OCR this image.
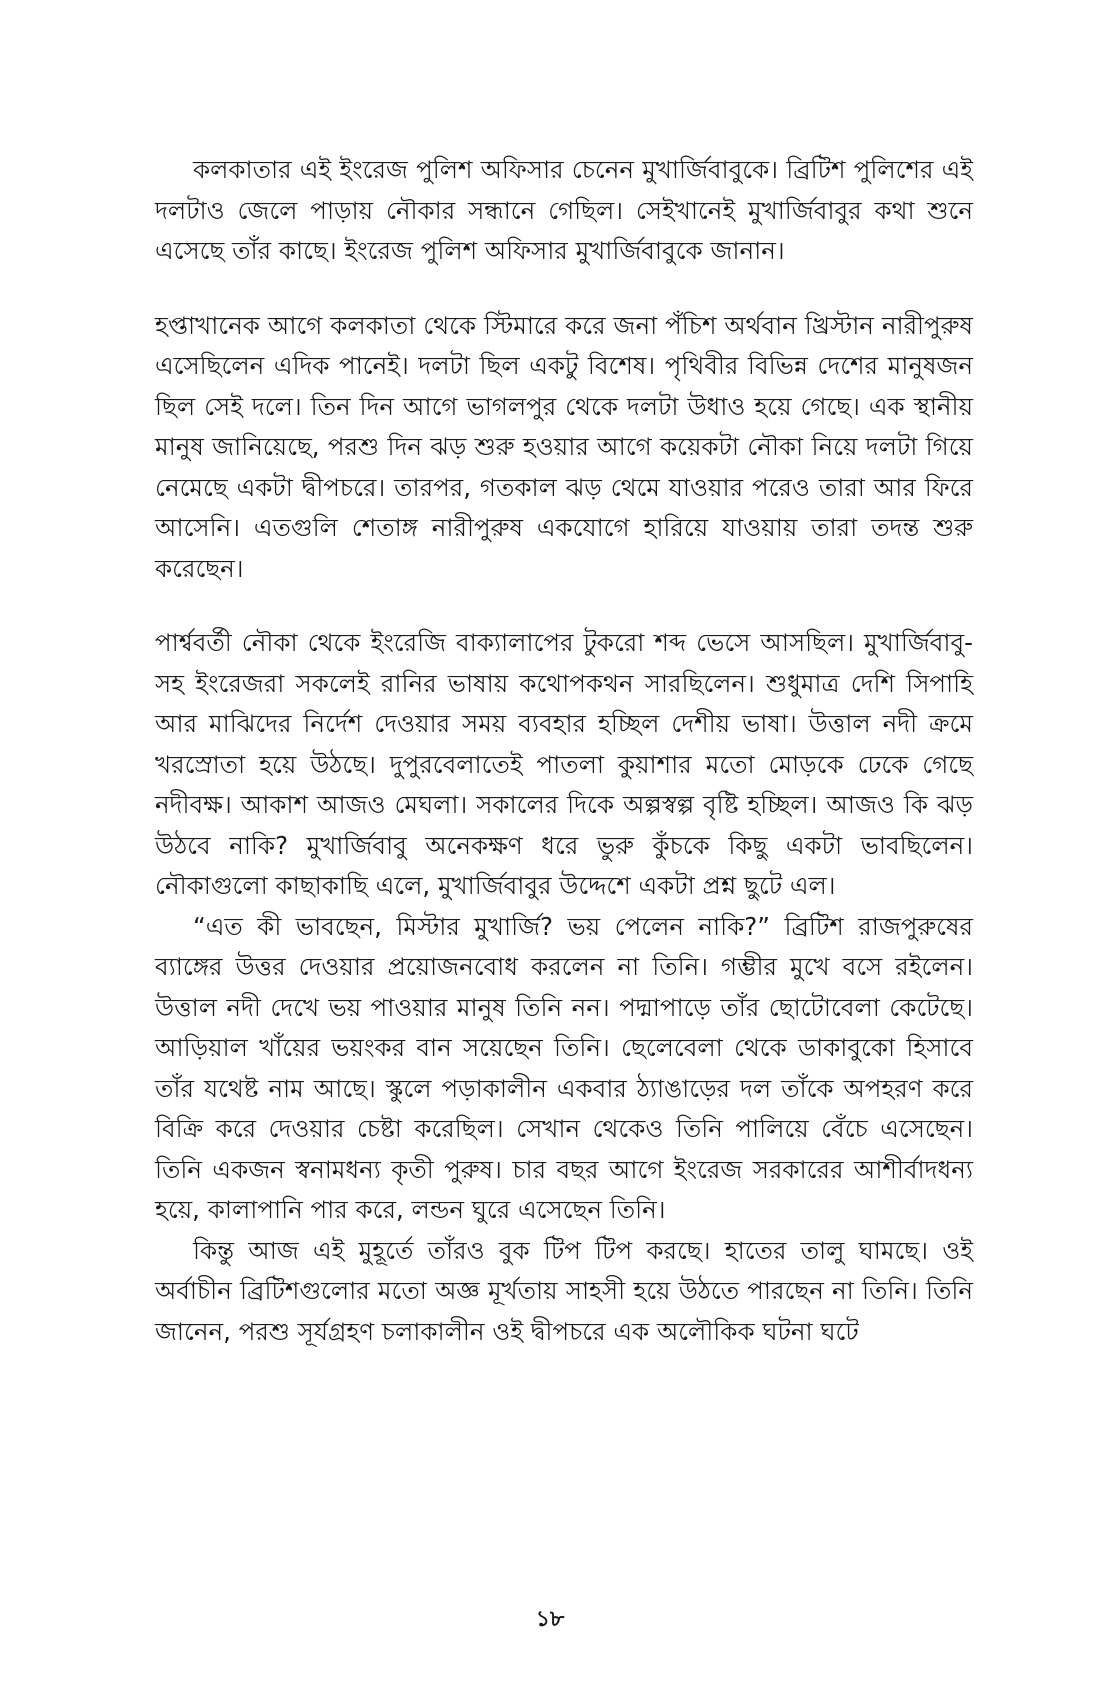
কলকাতার এই ইংরেজ পুলিশ অফিসার চেনেন মুখার্জিবাবুকে। ব্রিটিশ পুলিশের এই দলটাও জেলে পাড়ায় নৌকার সন্ধানে গেছিল। সেইখানেই মুখার্জিবাবুর কথা শুনে এসেছে তাঁর কাছে। ইংরেজ পুলিশ অফিসার মুখার্জিবাবুকে জানান।

হপ্তাখানেক আগে কলকাতা থেকে স্টিমারে করে জনা পঁচিশ অর্থবান খ্রিস্টান নারীপুরুষ এসেছিলেন এদিক পানেই। দলটা ছিল একটু বিশেষ। পৃথিবীর বিভিন্ন দেশের মানুষজন ছিল সেই দলে। তিন দিন আগে ভাগলপুর থেকে দলটা উধাও হয়ে গেছে। এক স্থানীয় মানুষ জানিয়েছে, পরশু দিন ঝড় শুরু হওয়ার আগে কয়েকটা নৌকা নিয়ে দলটা গিয়ে নেমেছে একটা দ্বীপচরে। তারপর, গতকাল ঝড় থেমে যাওয়ার পরেও তারা আর ফিরে আসেনি। এতগুলি শেতাঙ্গ নারীপুরুষ একযোগে হারিয়ে যাওয়ায় তারা তদন্ত শুরু করেছেন।

পার্শ্ববর্তী নৌকা থেকে ইংরেজি বাক্যালাপের টুকরো শব্দ ভেসে আসছিল। মুখার্জিবাবু-সহ ইংরেজরা সকলেই রানির ভাষায় কথোপকথন সারছিলেন। শুধুমাত্র দেশি সিপাহি আর মাঝিদের নির্দেশ দেওয়ার সময় ব্যবহার হচ্ছিল দেশীয় ভাষা। উত্তাল নদী ক্রমে খরস্রোতা হয়ে উঠছে। দুপুরবেলাতেই পাতলা কুয়াশার মতো মোড়কে ঢেকে গেছে নদীবক্ষ। আকাশ আজও মেঘলা। সকালের দিকে অল্পস্বল্প বৃষ্টি হচ্ছিল। আজও কি ঝড় উঠবে নাকি? মুখার্জিবাবু অনেকক্ষণ ধরে ভুরু কুঁচকে কিছু একটা ভাবছিলেন। নৌকাগুলো কাছাকাছি এলে, মুখার্জিবাবুর উদ্দেশে একটা প্রশ্ন ছুটে এল।

“এত কী ভাবছেন, মিস্টার মুখার্জি? ভয় পেলেন নাকি?” ব্রিটিশ রাজপুরুষের ব্যাঙ্গের উত্তর দেওয়ার প্রয়োজনবোধ করলেন না তিনি। গম্ভীর মুখে বসে রইলেন। উত্তাল নদী দেখে ভয় পাওয়ার মানুষ তিনি নন। পদ্মাপাড়ে তাঁর ছোটোবেলা কেটেছে। আড়িয়াল খাঁয়ের ভয়ংকর বান সয়েছেন তিনি। ছেলেবেলা থেকে ডাকাবুকো হিসাবে তাঁর যথেষ্ট নাম আছে। স্কুলে পড়াকালীন একবার ঠ্যাঙাড়ের দল তাঁকে অপহরণ করে বিক্রি করে দেওয়ার চেষ্টা করেছিল। সেখান থেকেও তিনি পালিয়ে বেঁচে এসেছেন। তিনি একজন স্বনামধন্য কৃতী পুরুষ। চার বছর আগে ইংরেজ সরকারের আশীর্বাদধন্য হয়ে, কালাপানি পার করে, লন্ডন ঘুরে এসেছেন তিনি।

কিন্তু আজ এই মুহূর্তে তাঁরও বুক টিপ টিপ করছে। হাতের তালু ঘামছে। ওই অর্বাচীন ব্রিটিশগুলোর মতো অজ্ঞ মূর্খতায় সাহসী হয়ে উঠতে পারছেন না তিনি। তিনি জানেন, পরশু সূর্যগ্রহণ চলাকালীন ওই দ্বীপচরে এক অলৌকিক ঘটনা ঘটে

১৮
